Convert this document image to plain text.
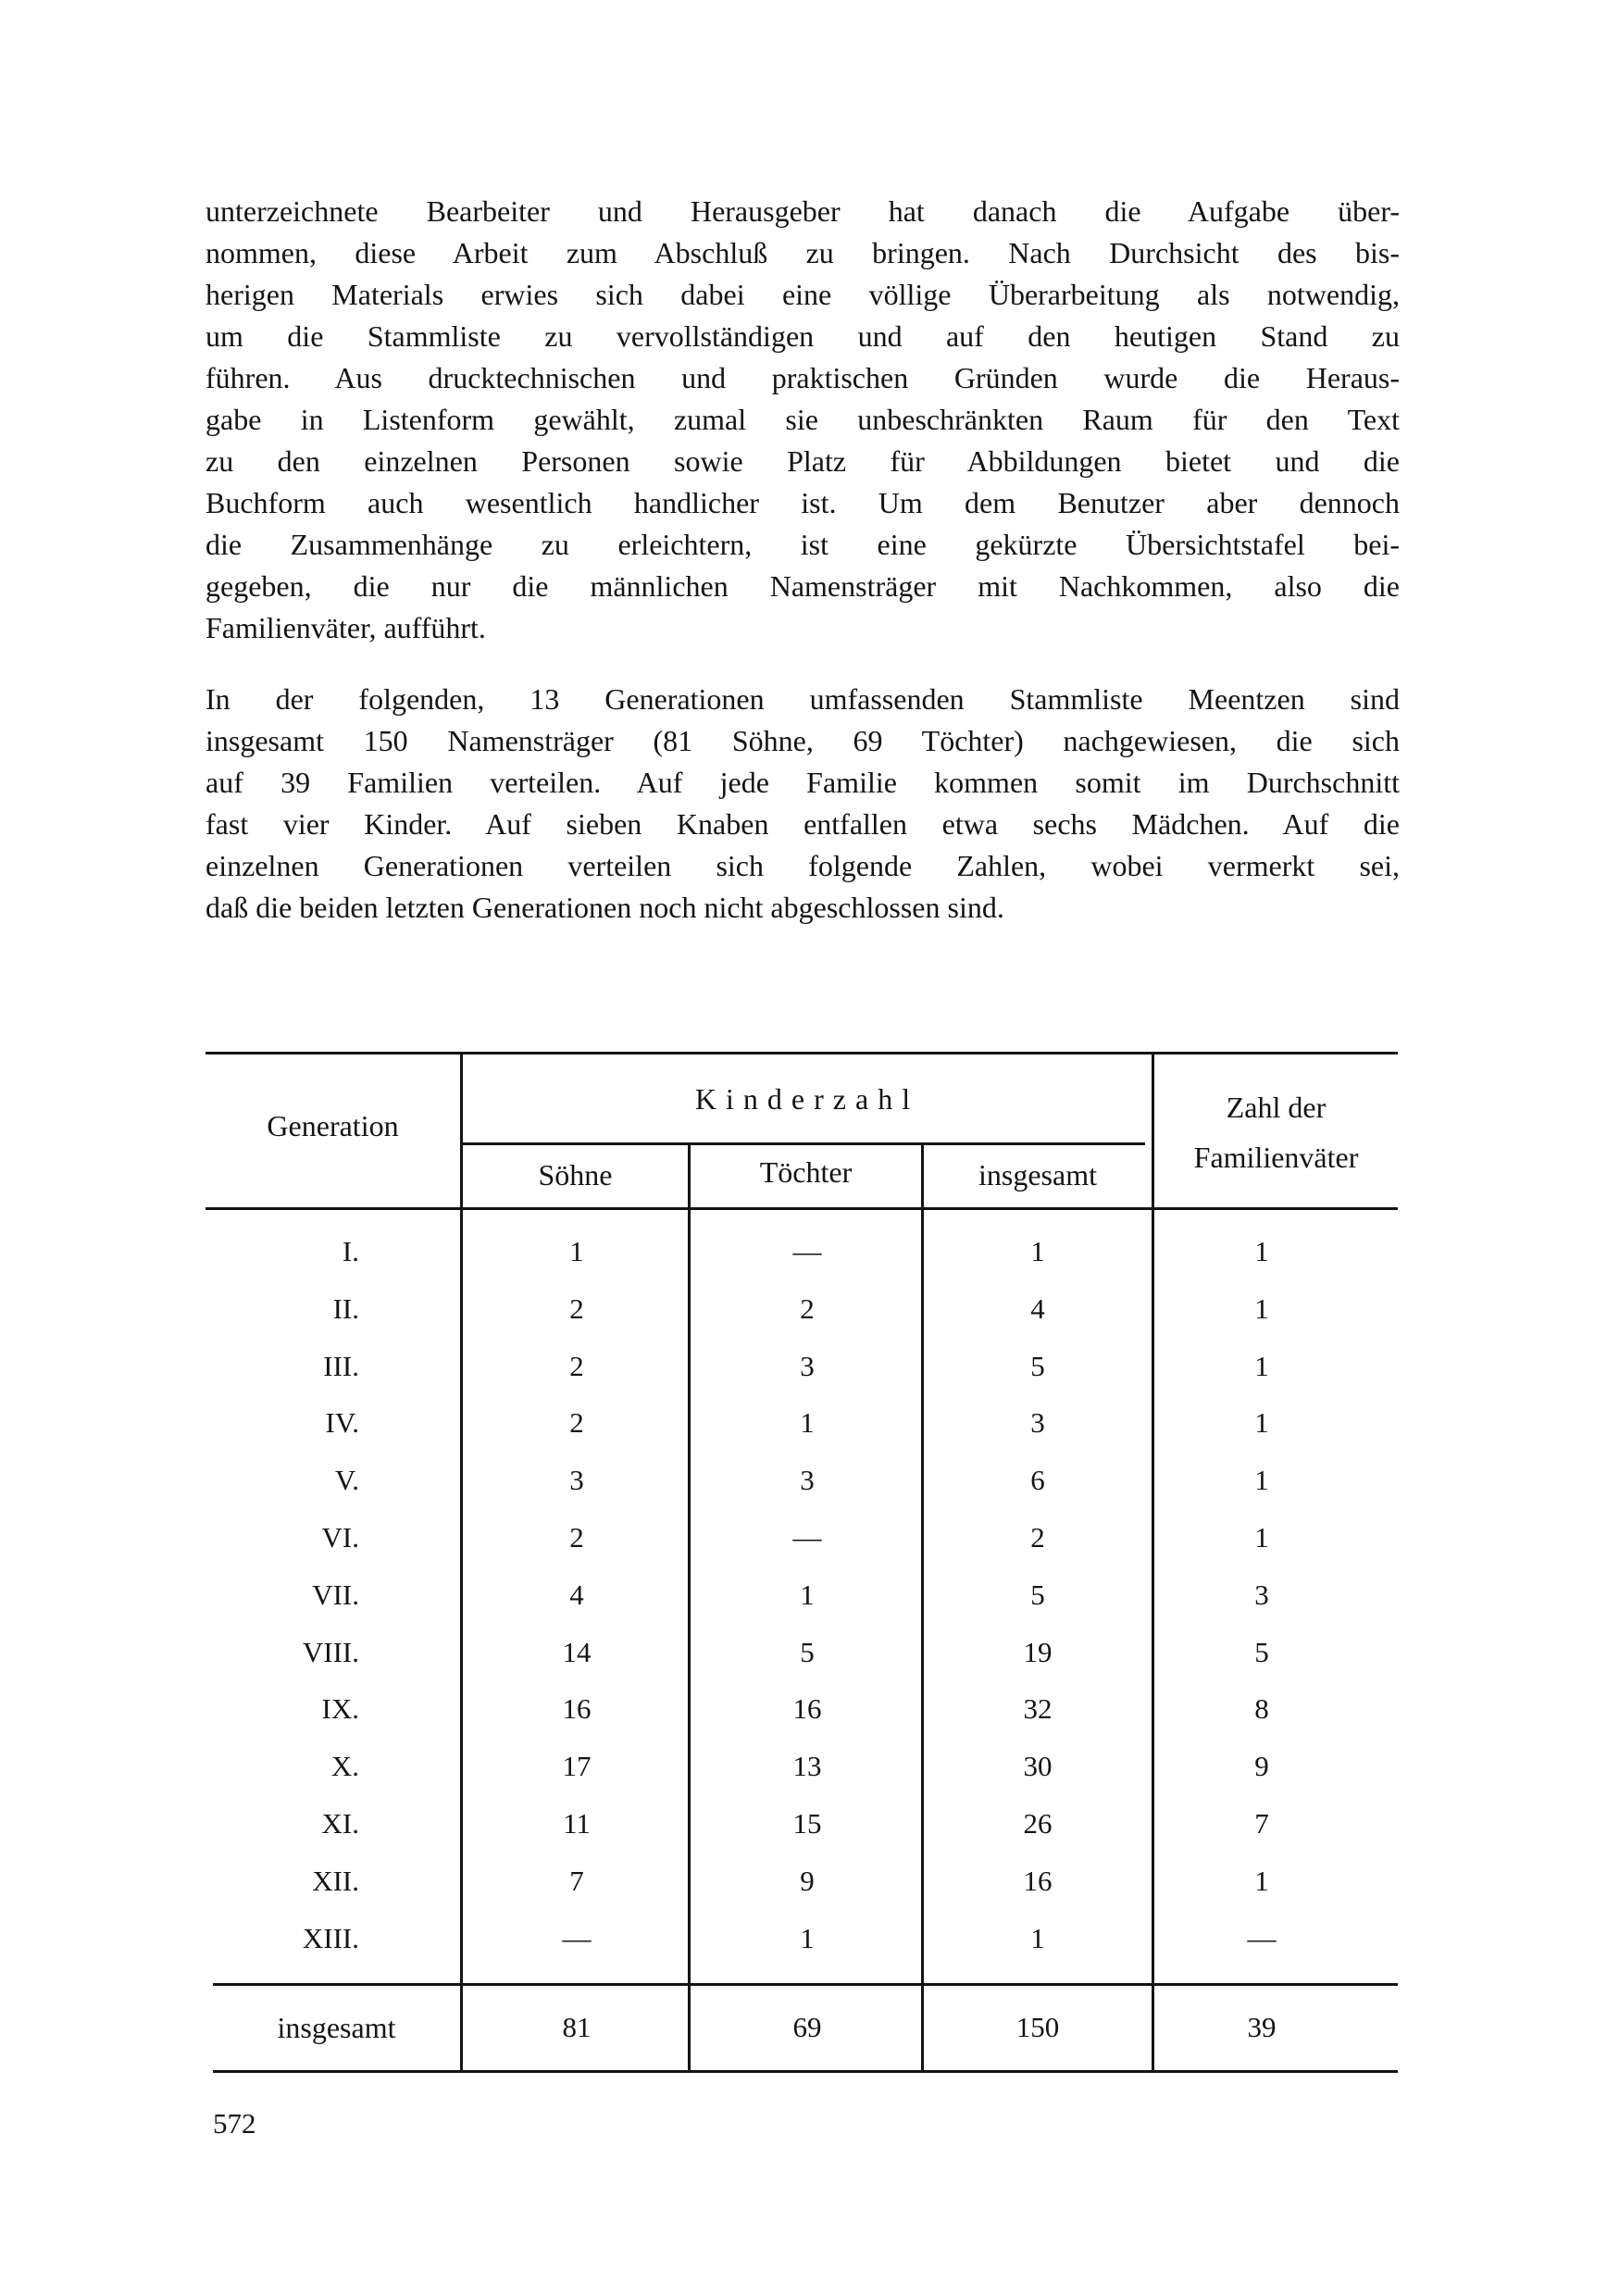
unterzeichnete Bearbeiter und Herausgeber hat danach die Aufgabe über-
nommen, diese Arbeit zum Abschluß zu bringen. Nach Durchsicht des bis-
herigen Materials erwies sich dabei eine völlige Überarbeitung als notwendig,
um die Stammliste zu vervollständigen und auf den heutigen Stand zu
führen. Aus drucktechnischen und praktischen Gründen wurde die Heraus-
gabe in Listenform gewählt, zumal sie unbeschränkten Raum für den Text
zu den einzelnen Personen sowie Platz für Abbildungen bietet und die
Buchform auch wesentlich handlicher ist. Um dem Benutzer aber dennoch
die Zusammenhänge zu erleichtern, ist eine gekürzte Übersichtstafel bei-
gegeben, die nur die männlichen Namensträger mit Nachkommen, also die
Familienväter, aufführt.
In der folgenden, 13 Generationen umfassenden Stammliste Meentzen sind
insgesamt 150 Namensträger (81 Söhne, 69 Töchter) nachgewiesen, die sich
auf 39 Familien verteilen. Auf jede Familie kommen somit im Durchschnitt
fast vier Kinder. Auf sieben Knaben entfallen etwa sechs Mädchen. Auf die
einzelnen Generationen verteilen sich folgende Zahlen, wobei vermerkt sei,
daß die beiden letzten Generationen noch nicht abgeschlossen sind.
Generation
Kinderzahl
Söhne	Töchter	insgesamt
Zahl der
Familienväter
I.	1	—	1	1
II.	2	2	4	1
III.	2	3	5	1
IV.	2	1	3	1
V.	3	3	6	1
VI.	2	—	2	1
VII.	4	1	5	3
VIII.	14	5	19	5
IX.	16	16	32	8
X.	17	13	30	9
XI.	11	15	26	7
XII.	7	9	16	1
XIII.	—	1	1	—
insgesamt	81	69	150	39
572
